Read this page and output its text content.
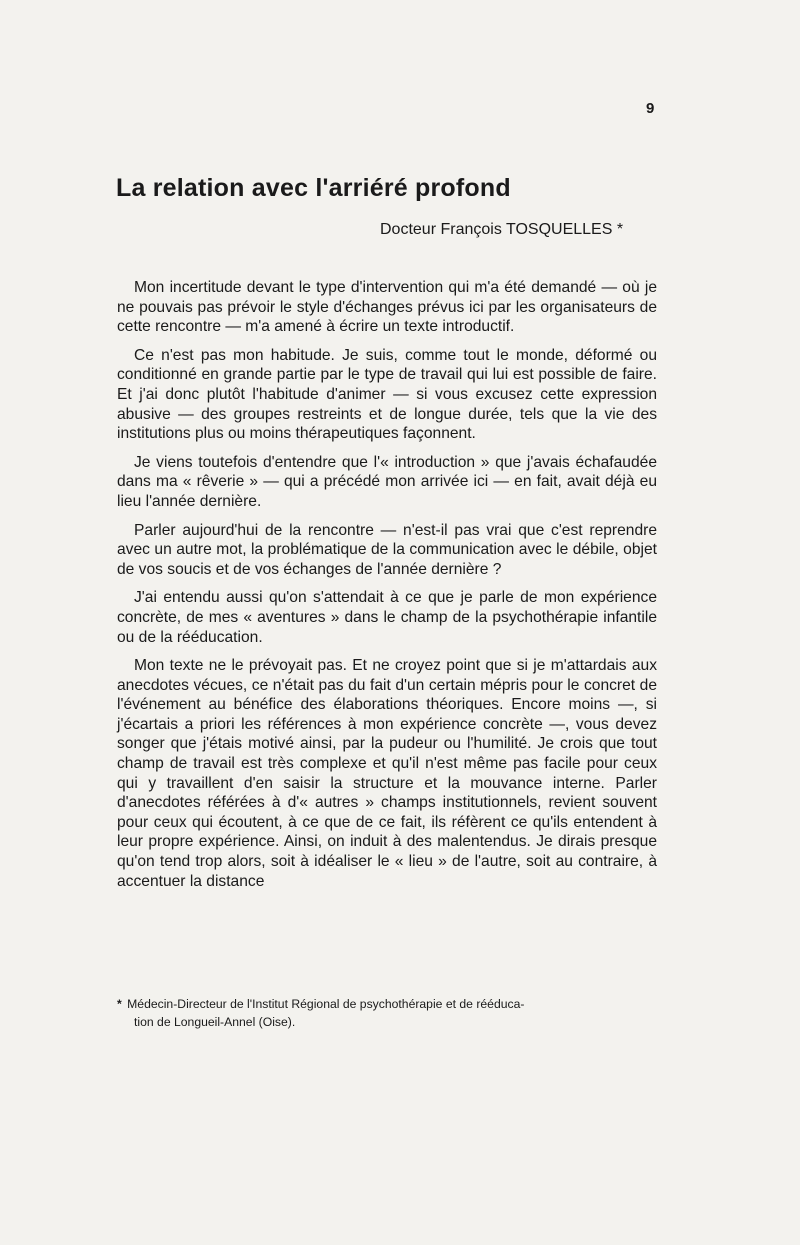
9
La relation avec l'arriéré profond
Docteur François TOSQUELLES *

Mon incertitude devant le type d'intervention qui m'a été demandé — où je ne pouvais pas prévoir le style d'échanges prévus ici par les organisateurs de cette rencontre — m'a amené à écrire un texte introductif.

Ce n'est pas mon habitude. Je suis, comme tout le monde, déformé ou conditionné en grande partie par le type de travail qui lui est possible de faire. Et j'ai donc plutôt l'habitude d'animer — si vous excusez cette expression abusive — des groupes restreints et de longue durée, tels que la vie des institutions plus ou moins thérapeutiques façonnent.

Je viens toutefois d'entendre que l'« introduction » que j'avais échafaudée dans ma « rêverie » — qui a précédé mon arrivée ici — en fait, avait déjà eu lieu l'année dernière.

Parler aujourd'hui de la rencontre — n'est-il pas vrai que c'est reprendre avec un autre mot, la problématique de la communication avec le débile, objet de vos soucis et de vos échanges de l'année dernière ?

J'ai entendu aussi qu'on s'attendait à ce que je parle de mon expérience concrète, de mes « aventures » dans le champ de la psychothérapie infantile ou de la rééducation.

Mon texte ne le prévoyait pas. Et ne croyez point que si je m'attardais aux anecdotes vécues, ce n'était pas du fait d'un certain mépris pour le concret de l'événement au bénéfice des élaborations théoriques. Encore moins —, si j'écartais a priori les références à mon expérience concrète —, vous devez songer que j'étais motivé ainsi, par la pudeur ou l'humilité. Je crois que tout champ de travail est très complexe et qu'il n'est même pas facile pour ceux qui y travaillent d'en saisir la structure et la mouvance interne. Parler d'anecdotes référées à d'« autres » champs institutionnels, revient souvent pour ceux qui écoutent, à ce que de ce fait, ils réfèrent ce qu'ils entendent à leur propre expérience. Ainsi, on induit à des malentendus. Je dirais presque qu'on tend trop alors, soit à idéaliser le « lieu » de l'autre, soit au contraire, à accentuer la distance

* Médecin-Directeur de l'Institut Régional de psychothérapie et de rééduca-
tion de Longueil-Annel (Oise).
